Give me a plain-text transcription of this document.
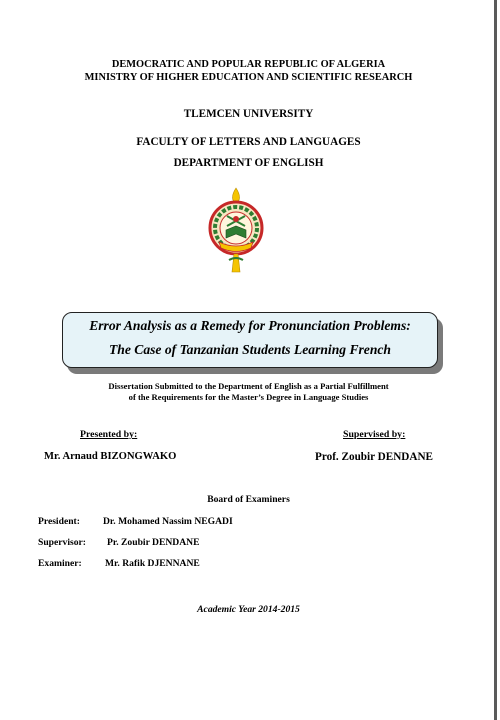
DEMOCRATIC AND POPULAR REPUBLIC OF ALGERIA
MINISTRY OF HIGHER EDUCATION AND SCIENTIFIC RESEARCH
TLEMCEN UNIVERSITY
FACULTY OF LETTERS AND LANGUAGES
DEPARTMENT OF ENGLISH
Error Analysis as a Remedy for Pronunciation Problems:
The Case of Tanzanian Students Learning French
Dissertation Submitted to the Department of English as a Partial Fulfillment
of the Requirements for the Master’s Degree in Language Studies
Presented by:	Supervised by:
Mr. Arnaud BIZONGWAKO	Prof. Zoubir DENDANE
Board of Examiners
President: Dr. Mohamed Nassim NEGADI
Supervisor: Pr. Zoubir DENDANE
Examiner: Mr. Rafik DJENNANE
Academic Year 2014-2015
